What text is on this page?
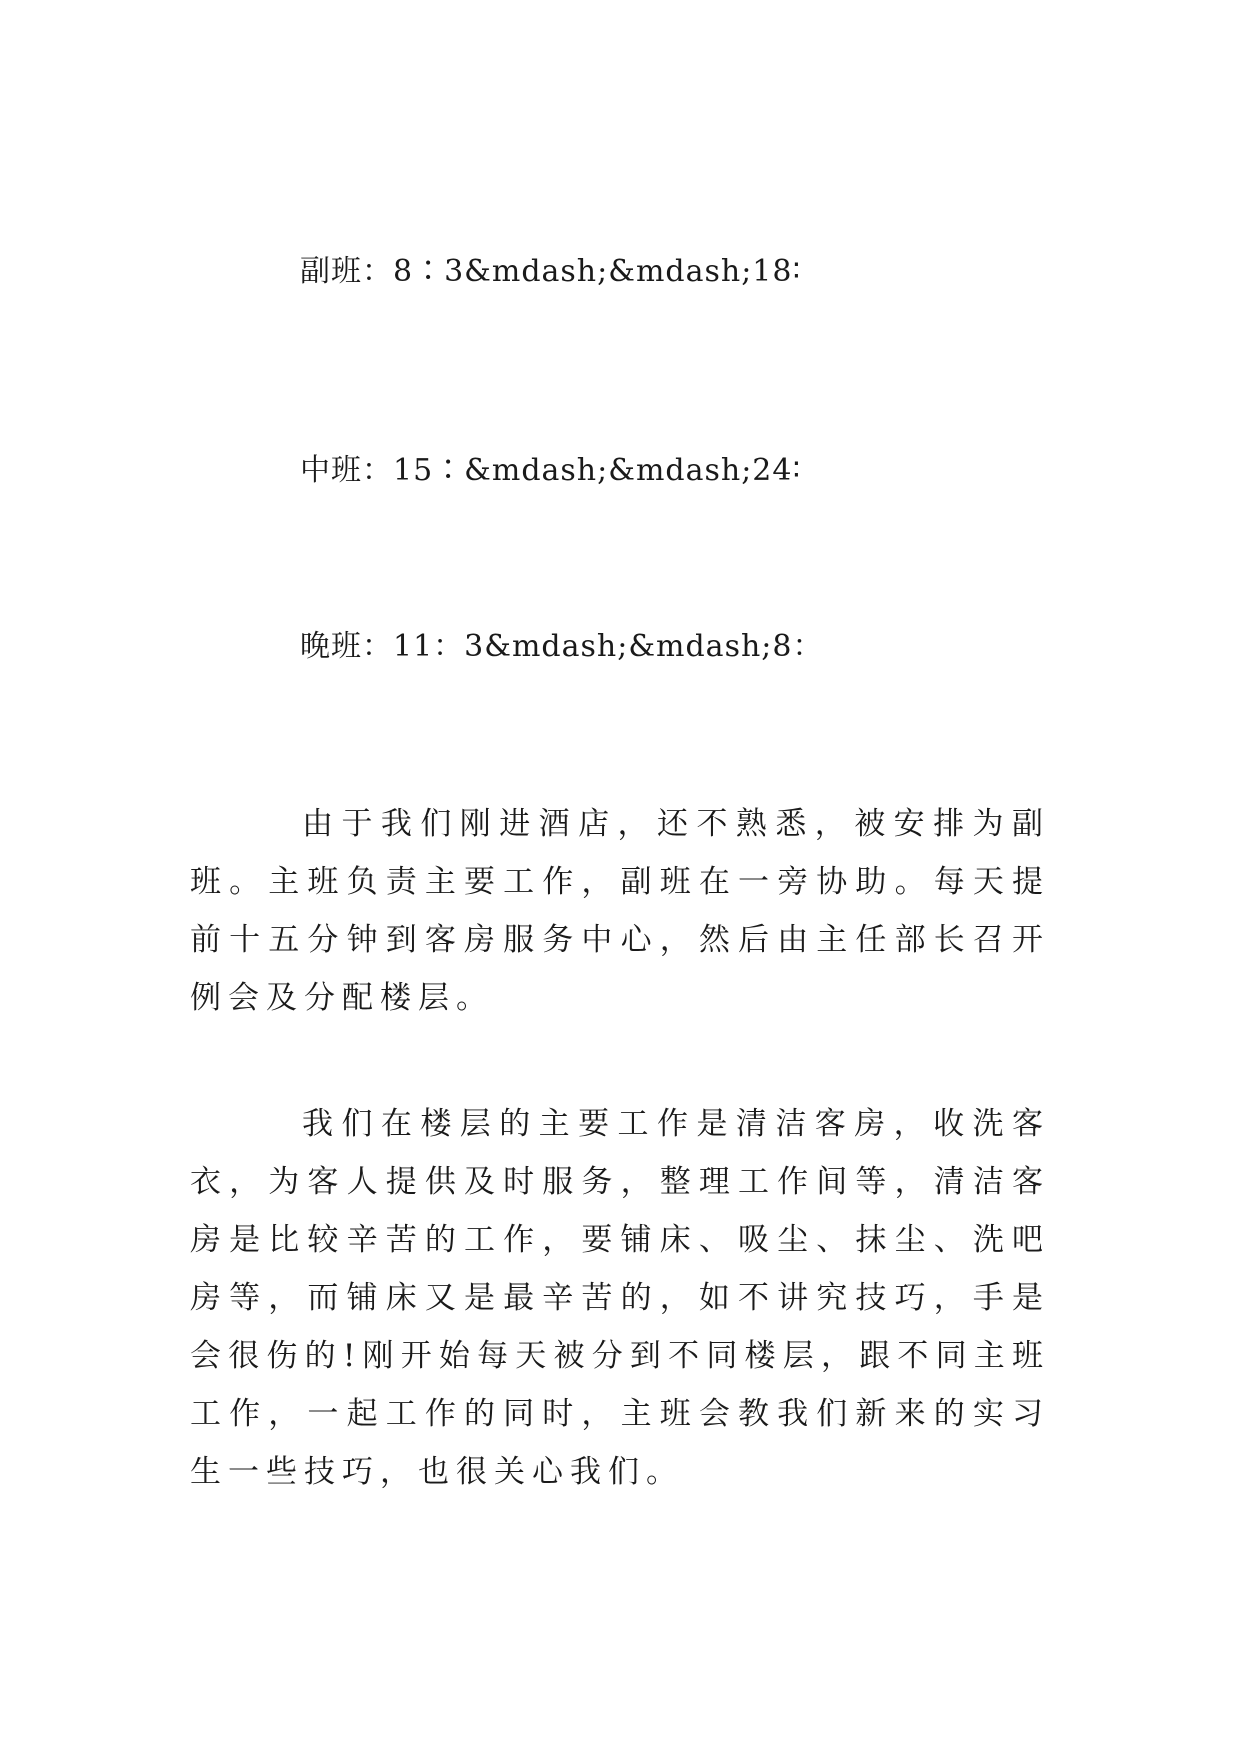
副班：8∶3&mdash;&mdash;18∶
中班：15∶&mdash;&mdash;24∶
晚班：11：3&mdash;&mdash;8：

由于我们刚进酒店，还不熟悉，被安排为副班。主班负责主要工作，副班在一旁协助。每天提前十五分钟到客房服务中心，然后由主任部长召开例会及分配楼层。

我们在楼层的主要工作是清洁客房，收洗客衣，为客人提供及时服务，整理工作间等，清洁客房是比较辛苦的工作，要铺床、吸尘、抹尘、洗吧房等，而铺床又是最辛苦的，如不讲究技巧，手是会很伤的!刚开始每天被分到不同楼层，跟不同主班工作，一起工作的同时，主班会教我们新来的实习生一些技巧，也很关心我们。
